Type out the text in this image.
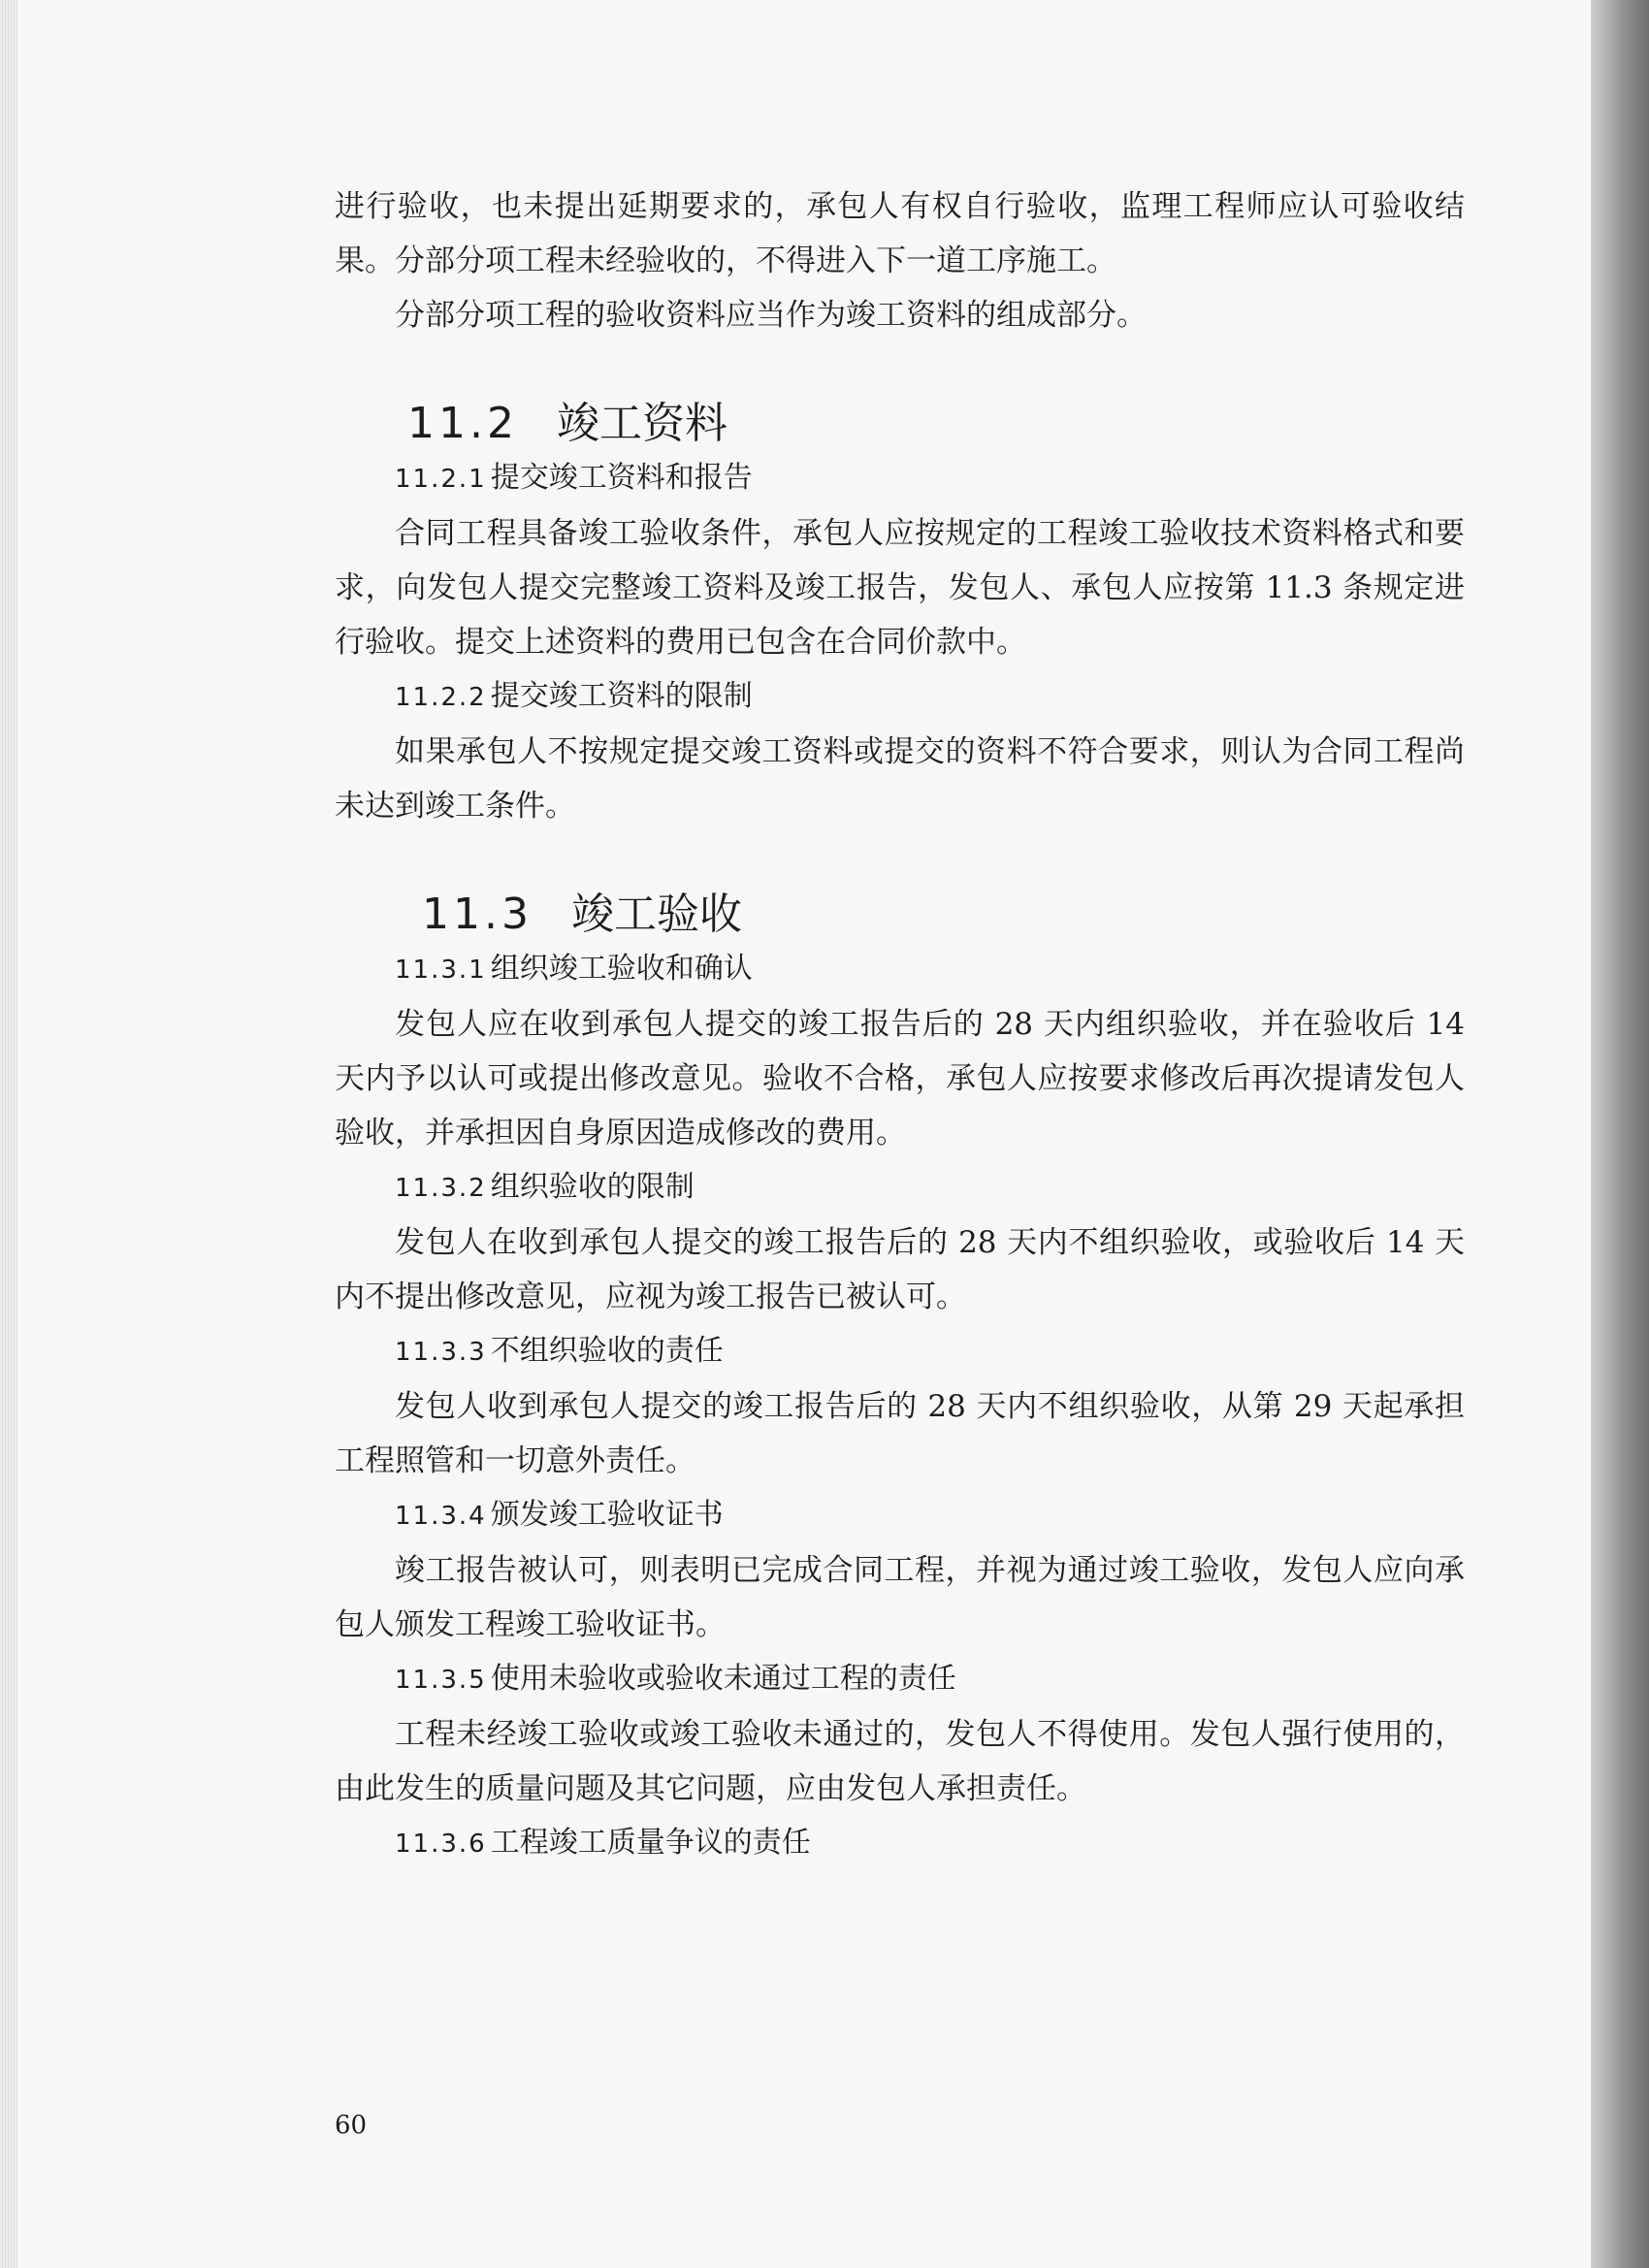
进行验收，也未提出延期要求的，承包人有权自行验收，监理工程师应认可验收结果。分部分项工程未经验收的，不得进入下一道工序施工。

分部分项工程的验收资料应当作为竣工资料的组成部分。

11.2 竣工资料
11.2.1 提交竣工资料和报告

合同工程具备竣工验收条件，承包人应按规定的工程竣工验收技术资料格式和要求，向发包人提交完整竣工资料及竣工报告，发包人、承包人应按第 11.3 条规定进行验收。提交上述资料的费用已包含在合同价款中。

11.2.2 提交竣工资料的限制

如果承包人不按规定提交竣工资料或提交的资料不符合要求，则认为合同工程尚未达到竣工条件。

11.3 竣工验收
11.3.1 组织竣工验收和确认

发包人应在收到承包人提交的竣工报告后的 28 天内组织验收，并在验收后 14 天内予以认可或提出修改意见。验收不合格，承包人应按要求修改后再次提请发包人验收，并承担因自身原因造成修改的费用。

11.3.2 组织验收的限制

发包人在收到承包人提交的竣工报告后的 28 天内不组织验收，或验收后 14 天内不提出修改意见，应视为竣工报告已被认可。

11.3.3 不组织验收的责任

发包人收到承包人提交的竣工报告后的 28 天内不组织验收，从第 29 天起承担工程照管和一切意外责任。

11.3.4 颁发竣工验收证书

竣工报告被认可，则表明已完成合同工程，并视为通过竣工验收，发包人应向承包人颁发工程竣工验收证书。

11.3.5 使用未验收或验收未通过工程的责任

工程未经竣工验收或竣工验收未通过的，发包人不得使用。发包人强行使用的，由此发生的质量问题及其它问题，应由发包人承担责任。

11.3.6 工程竣工质量争议的责任
60
